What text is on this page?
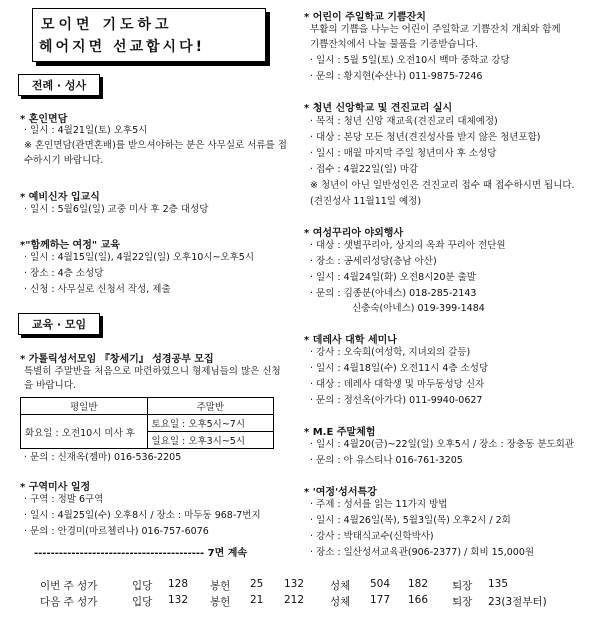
모이면 기도하고
헤어지면 선교합시다!
전례 · 성사
* 혼인면담
· 일시 : 4월21일(토) 오후5시
※ 혼인면담(관면혼배)를 받으셔야하는 분은 사무실로 서류를 접
수하시기 바랍니다.
* 예비신자 입교식
· 일시 : 5월6일(일) 교중 미사 후 2층 대성당
*"함께하는 여정" 교육
· 일시 : 4월15일(일), 4월22일(일) 오후10시~오후5시
· 장소 : 4층 소성당
· 신청 : 사무실로 신청서 작성, 제출
교육 · 모임
* 가톨릭성서모임 『창세기』 성경공부 모집
특별히 주말반을 처음으로 마련하였으니 형제님들의 많은 신청
을 바랍니다.
평일반	주말반
화요일 : 오전10시 미사 후	토요일 : 오후5시~7시
	일요일 : 오후3시~5시
· 문의 : 신재옥(젬마) 016-536-2205
* 구역미사 일정
· 구역 : 정발 6구역
· 일시 : 4월25일(수) 오후8시 / 장소 : 마두동 968-7번지
· 문의 : 안경미(마르첼리나) 016-757-6076
----------------------------------------- 7면 계속
* 어린이 주일학교 기쁨잔치
부활의 기쁨을 나누는 어린이 주일학교 기쁨잔치 개최와 함께
기쁨잔치에서 나눌 물품을 기증받습니다.
· 일시 : 5월 5일(토) 오전10시 백마 중학교 강당
· 문의 : 황지현(수산나) 011-9875-7246
* 청년 신앙학교 및 견진교리 실시
· 목적 : 청년 신앙 재교육(견진교리 대체예정)
· 대상 : 본당 모든 청년(견진성사를 받지 않은 청년포함)
· 일시 : 매월 마지막 주일 청년미사 후 소성당
· 접수 : 4월22일(일) 마감
※ 청년이 아닌 일반성인은 견진교리 접수 때 접수하시면 됩니다.
(견진성사 11월11일 예정)
* 여성꾸리아 야외행사
· 대상 : 샛별꾸리아, 상지의 옥좌 꾸리아 전단원
· 장소 : 공세리성당(충남 아산)
· 일시 : 4월24일(화) 오전8시20분 출발
· 문의 : 김종분(아네스) 018-285-2143
신충숙(아네스) 019-399-1484
* 데레사 대학 세미나
· 강사 : 오숙희(여성학, 지녀외의 갈등)
· 일시 : 4월18일(수) 오전11시 4층 소성당
· 대상 : 데레사 대학생 및 마두동성당 신자
· 문의 : 정선옥(아가다) 011-9940-0627
* M.E 주말체험
· 일시 : 4월20(금)~22일(일) 오후5시 / 장소 : 장충동 분도회관
· 문의 : 아 유스티나 016-761-3205
* '여정'성서특강
· 주제 : 성서를 읽는 11가지 방법
· 일시 : 4월26일(목), 5월3일(목) 오후2시 / 2회
· 강사 : 박태식교수(신학박사)
· 장소 : 일산성서교육관(906-2377) / 회비 15,000원
이번 주 성가	입당 128 봉헌 25 132 성체 504 182 퇴장 135
다음 주 성가	입당 132 봉헌 21 212 성체 177 166 퇴장 23(3절부터)
